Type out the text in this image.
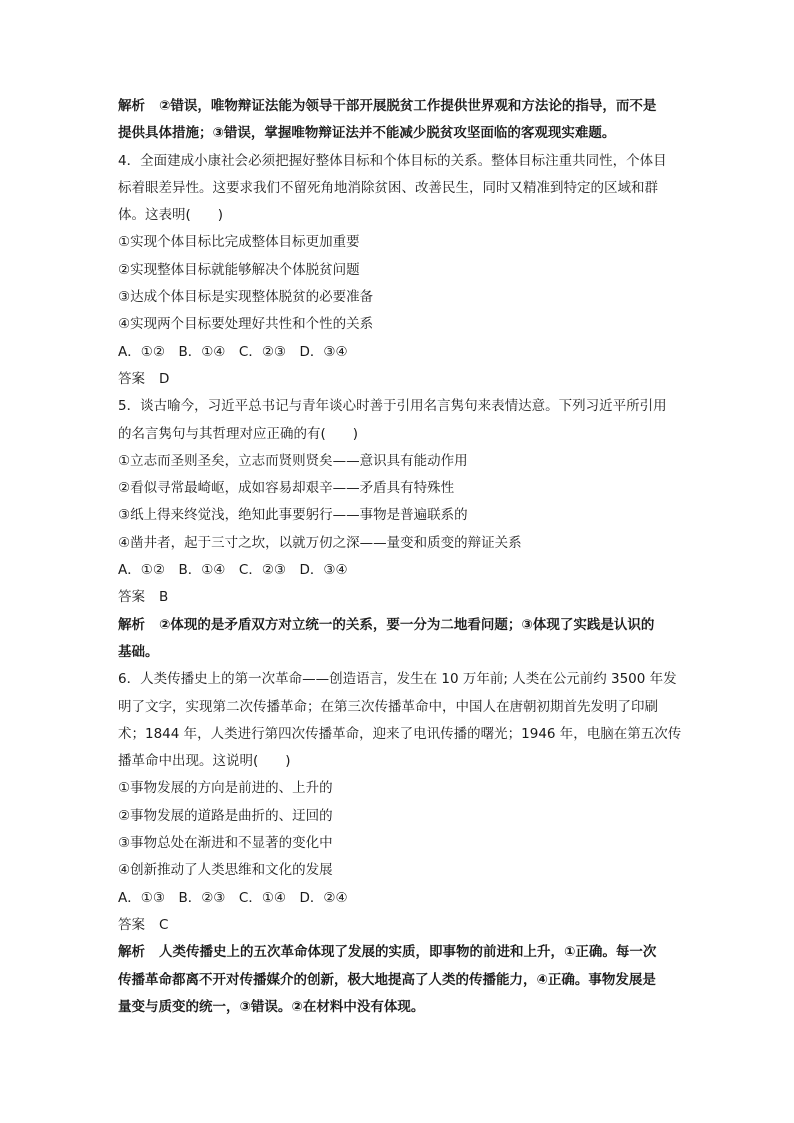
解析 ②错误，唯物辩证法能为领导干部开展脱贫工作提供世界观和方法论的指导，而不是
提供具体措施；③错误，掌握唯物辩证法并不能减少脱贫攻坚面临的客观现实难题。
4．全面建成小康社会必须把握好整体目标和个体目标的关系。整体目标注重共同性，个体目
标着眼差异性。这要求我们不留死角地消除贫困、改善民生，同时又精准到特定的区域和群
体。这表明(　　)
①实现个体目标比完成整体目标更加重要
②实现整体目标就能够解决个体脱贫问题
③达成个体目标是实现整体脱贫的必要准备
④实现两个目标要处理好共性和个性的关系
A．①②　B．①④　C．②③　D．③④
答案 D
5．谈古喻今，习近平总书记与青年谈心时善于引用名言隽句来表情达意。下列习近平所引用
的名言隽句与其哲理对应正确的有(　　)
①立志而圣则圣矣，立志而贤则贤矣——意识具有能动作用
②看似寻常最崎岖，成如容易却艰辛——矛盾具有特殊性
③纸上得来终觉浅，绝知此事要躬行——事物是普遍联系的
④凿井者，起于三寸之坎，以就万仞之深——量变和质变的辩证关系
A．①②　B．①④　C．②③　D．③④
答案 B
解析 ②体现的是矛盾双方对立统一的关系，要一分为二地看问题；③体现了实践是认识的
基础。
6．人类传播史上的第一次革命——创造语言，发生在 10 万年前; 人类在公元前约 3500 年发
明了文字，实现第二次传播革命；在第三次传播革命中，中国人在唐朝初期首先发明了印刷
术；1844 年，人类进行第四次传播革命，迎来了电讯传播的曙光；1946 年，电脑在第五次传
播革命中出现。这说明(　　)
①事物发展的方向是前进的、上升的
②事物发展的道路是曲折的、迂回的
③事物总处在渐进和不显著的变化中
④创新推动了人类思维和文化的发展
A．①③　B．②③　C．①④　D．②④
答案 C
解析 人类传播史上的五次革命体现了发展的实质，即事物的前进和上升，①正确。每一次
传播革命都离不开对传播媒介的创新，极大地提高了人类的传播能力，④正确。事物发展是
量变与质变的统一，③错误。②在材料中没有体现。
